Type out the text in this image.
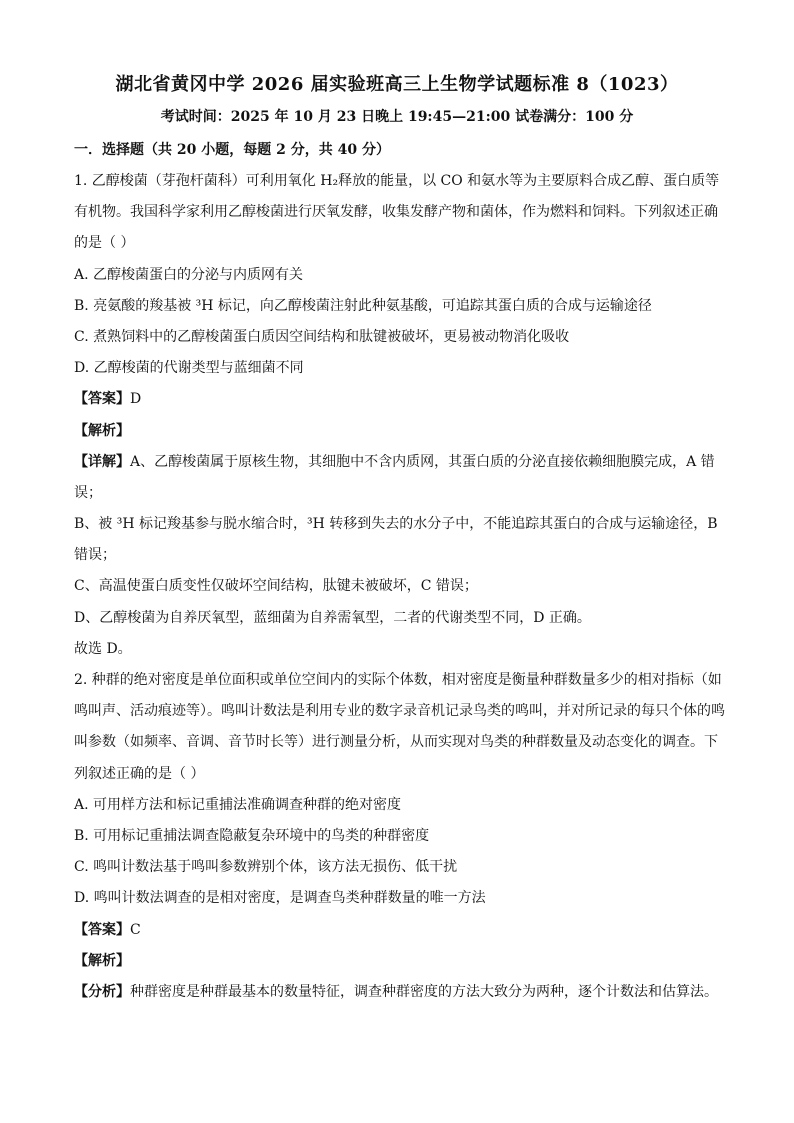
湖北省黄冈中学 2026 届实验班高三上生物学试题标准 8（1023）
考试时间：2025 年 10 月 23 日晚上 19:45—21:00 试卷满分：100 分
一．选择题（共 20 小题，每题 2 分，共 40 分）
1. 乙醇梭菌（芽孢杆菌科）可利用氧化 H₂释放的能量，以 CO 和氨水等为主要原料合成乙醇、蛋白质等
有机物。我国科学家利用乙醇梭菌进行厌氧发酵，收集发酵产物和菌体，作为燃料和饲料。下列叙述正确
的是（ ）
A. 乙醇梭菌蛋白的分泌与内质网有关
B. 亮氨酸的羧基被 ³H 标记，向乙醇梭菌注射此种氨基酸，可追踪其蛋白质的合成与运输途径
C. 煮熟饲料中的乙醇梭菌蛋白质因空间结构和肽键被破坏，更易被动物消化吸收
D. 乙醇梭菌的代谢类型与蓝细菌不同
【答案】D
【解析】
【详解】A、乙醇梭菌属于原核生物，其细胞中不含内质网，其蛋白质的分泌直接依赖细胞膜完成，A 错
误；
B、被 ³H 标记羧基参与脱水缩合时，³H 转移到失去的水分子中，不能追踪其蛋白的合成与运输途径，B
错误；
C、高温使蛋白质变性仅破坏空间结构，肽键未被破坏，C 错误；
D、乙醇梭菌为自养厌氧型，蓝细菌为自养需氧型，二者的代谢类型不同，D 正确。
故选 D。
2. 种群的绝对密度是单位面积或单位空间内的实际个体数，相对密度是衡量种群数量多少的相对指标（如
鸣叫声、活动痕迹等）。鸣叫计数法是利用专业的数字录音机记录鸟类的鸣叫，并对所记录的每只个体的鸣
叫参数（如频率、音调、音节时长等）进行测量分析，从而实现对鸟类的种群数量及动态变化的调查。下
列叙述正确的是（ ）
A. 可用样方法和标记重捕法准确调查种群的绝对密度
B. 可用标记重捕法调查隐蔽复杂环境中的鸟类的种群密度
C. 鸣叫计数法基于鸣叫参数辨别个体，该方法无损伤、低干扰
D. 鸣叫计数法调查的是相对密度，是调查鸟类种群数量的唯一方法
【答案】C
【解析】
【分析】种群密度是种群最基本的数量特征，调查种群密度的方法大致分为两种，逐个计数法和估算法。
